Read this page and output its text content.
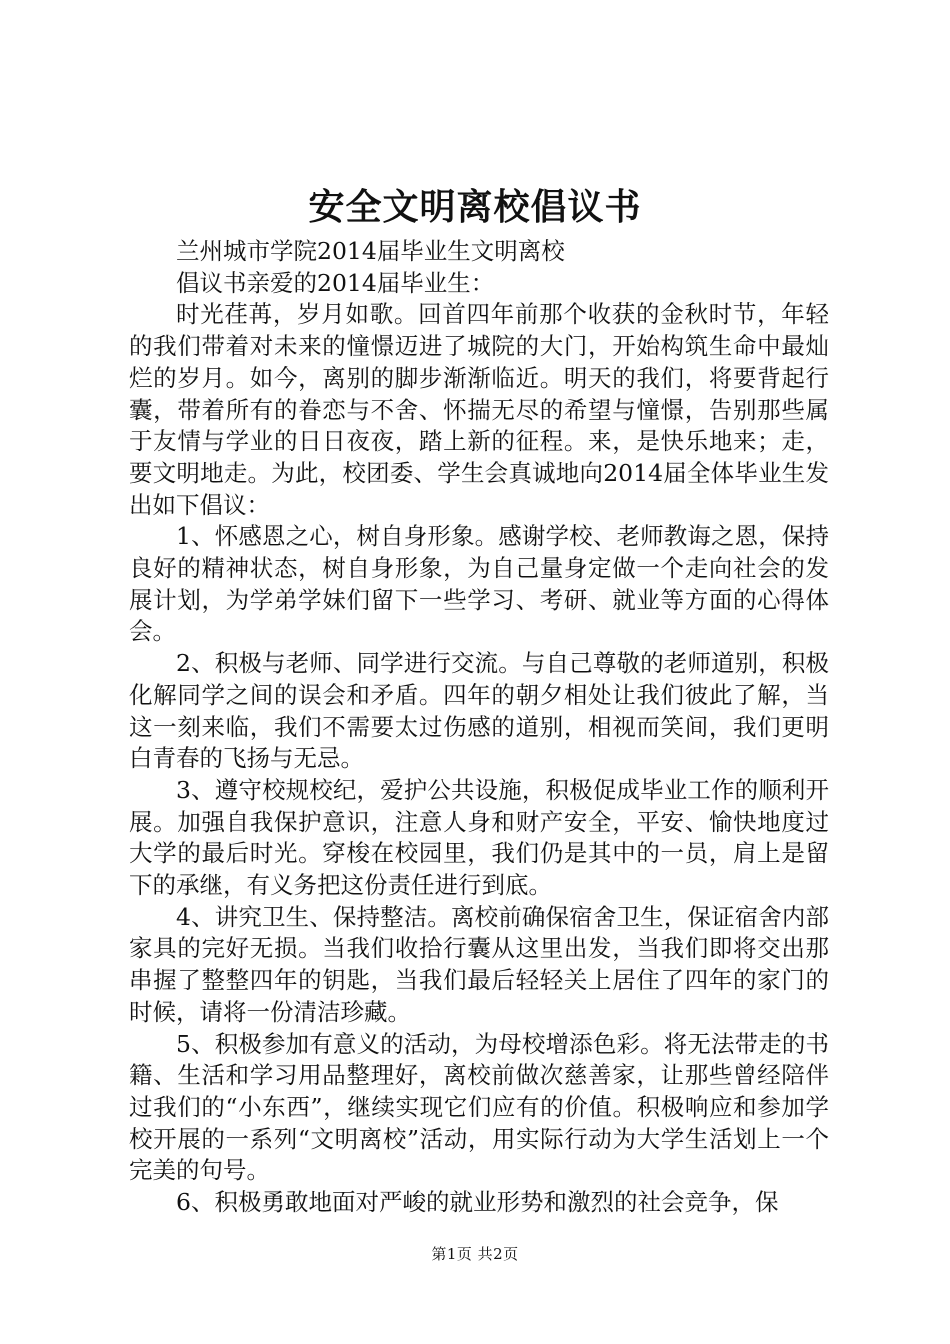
安全文明离校倡议书

兰州城市学院2014届毕业生文明离校

倡议书亲爱的2014届毕业生：

时光荏苒，岁月如歌。回首四年前那个收获的金秋时节，年轻的我们带着对未来的憧憬迈进了城院的大门，开始构筑生命中最灿烂的岁月。如今，离别的脚步渐渐临近。明天的我们，将要背起行囊，带着所有的眷恋与不舍、怀揣无尽的希望与憧憬，告别那些属于友情与学业的日日夜夜，踏上新的征程。来，是快乐地来；走，要文明地走。为此，校团委、学生会真诚地向2014届全体毕业生发出如下倡议：

1、怀感恩之心，树自身形象。感谢学校、老师教诲之恩，保持良好的精神状态，树自身形象，为自己量身定做一个走向社会的发展计划，为学弟学妹们留下一些学习、考研、就业等方面的心得体会。

2、积极与老师、同学进行交流。与自己尊敬的老师道别，积极化解同学之间的误会和矛盾。四年的朝夕相处让我们彼此了解，当这一刻来临，我们不需要太过伤感的道别，相视而笑间，我们更明白青春的飞扬与无忌。

3、遵守校规校纪，爱护公共设施，积极促成毕业工作的顺利开展。加强自我保护意识，注意人身和财产安全，平安、愉快地度过大学的最后时光。穿梭在校园里，我们仍是其中的一员，肩上是留下的承继，有义务把这份责任进行到底。

4、讲究卫生、保持整洁。离校前确保宿舍卫生，保证宿舍内部家具的完好无损。当我们收拾行囊从这里出发，当我们即将交出那串握了整整四年的钥匙，当我们最后轻轻关上居住了四年的家门的时候，请将一份清洁珍藏。

5、积极参加有意义的活动，为母校增添色彩。将无法带走的书籍、生活和学习用品整理好，离校前做次慈善家，让那些曾经陪伴过我们的“小东西”，继续实现它们应有的价值。积极响应和参加学校开展的一系列“文明离校”活动，用实际行动为大学生活划上一个完美的句号。

6、积极勇敢地面对严峻的就业形势和激烈的社会竞争，保

第1页 共2页
